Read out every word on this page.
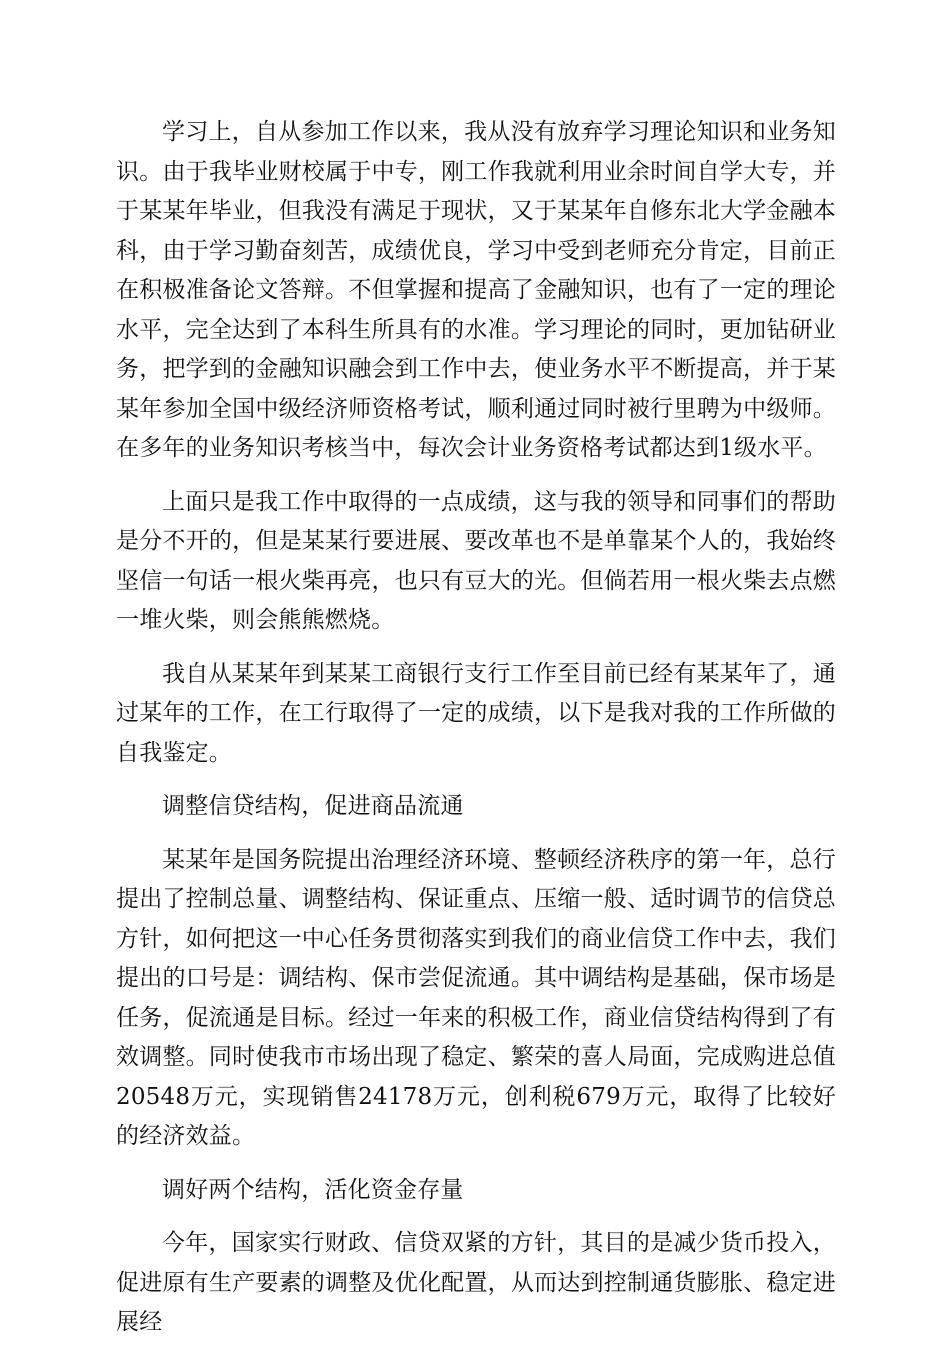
学习上，自从参加工作以来，我从没有放弃学习理论知识和业务知识。由于我毕业财校属于中专，刚工作我就利用业余时间自学大专，并于某某年毕业，但我没有满足于现状，又于某某年自修东北大学金融本科，由于学习勤奋刻苦，成绩优良，学习中受到老师充分肯定，目前正在积极准备论文答辩。不但掌握和提高了金融知识，也有了一定的理论水平，完全达到了本科生所具有的水准。学习理论的同时，更加钻研业务，把学到的金融知识融会到工作中去，使业务水平不断提高，并于某某年参加全国中级经济师资格考试，顺利通过同时被行里聘为中级师。在多年的业务知识考核当中，每次会计业务资格考试都达到1级水平。

上面只是我工作中取得的一点成绩，这与我的领导和同事们的帮助是分不开的，但是某某行要进展、要改革也不是单靠某个人的，我始终坚信一句话一根火柴再亮，也只有豆大的光。但倘若用一根火柴去点燃一堆火柴，则会熊熊燃烧。

我自从某某年到某某工商银行支行工作至目前已经有某某年了，通过某年的工作，在工行取得了一定的成绩，以下是我对我的工作所做的自我鉴定。

调整信贷结构，促进商品流通

某某年是国务院提出治理经济环境、整顿经济秩序的第一年，总行提出了控制总量、调整结构、保证重点、压缩一般、适时调节的信贷总方针，如何把这一中心任务贯彻落实到我们的商业信贷工作中去，我们提出的口号是：调结构、保市尝促流通。其中调结构是基础，保市场是任务，促流通是目标。经过一年来的积极工作，商业信贷结构得到了有效调整。同时使我市市场出现了稳定、繁荣的喜人局面，完成购进总值20548万元，实现销售24178万元，创利税679万元，取得了比较好的经济效益。

调好两个结构，活化资金存量

今年，国家实行财政、信贷双紧的方针，其目的是减少货币投入，促进原有生产要素的调整及优化配置，从而达到控制通货膨胀、稳定进展经
